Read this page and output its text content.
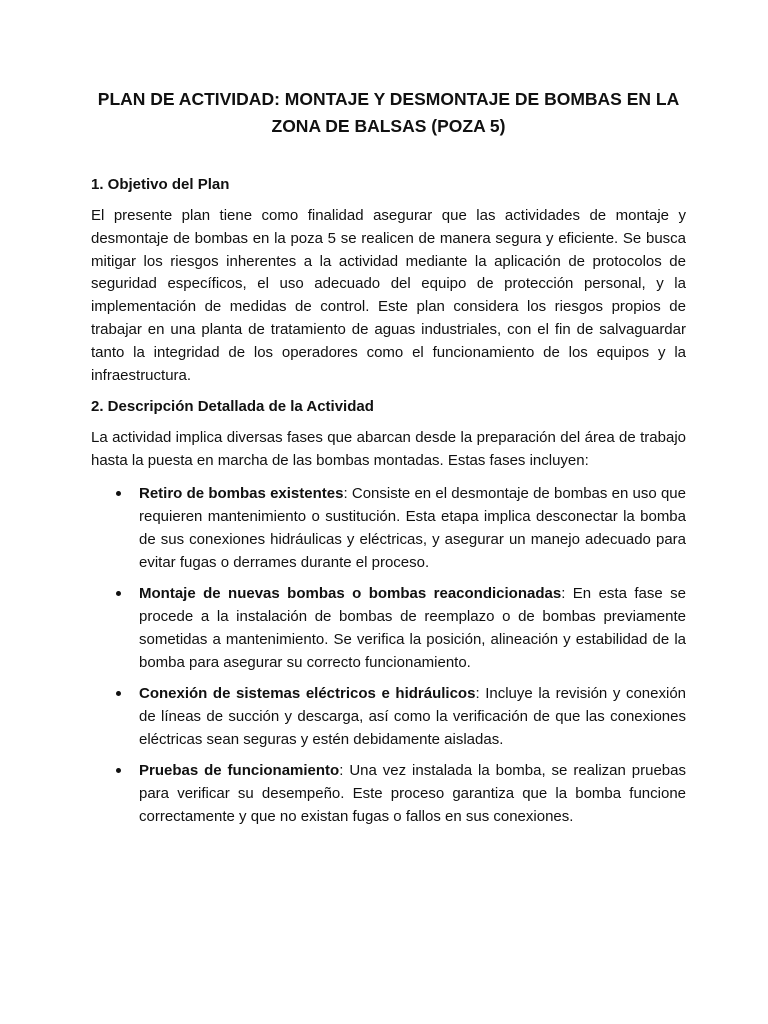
PLAN DE ACTIVIDAD: MONTAJE Y DESMONTAJE DE BOMBAS EN LA
ZONA DE BALSAS (POZA 5)
1. Objetivo del Plan

El presente plan tiene como finalidad asegurar que las actividades de montaje y desmontaje de bombas en la poza 5 se realicen de manera segura y eficiente. Se busca mitigar los riesgos inherentes a la actividad mediante la aplicación de protocolos de seguridad específicos, el uso adecuado del equipo de protección personal, y la implementación de medidas de control. Este plan considera los riesgos propios de trabajar en una planta de tratamiento de aguas industriales, con el fin de salvaguardar tanto la integridad de los operadores como el funcionamiento de los equipos y la infraestructura.

2. Descripción Detallada de la Actividad

La actividad implica diversas fases que abarcan desde la preparación del área de trabajo hasta la puesta en marcha de las bombas montadas. Estas fases incluyen:

Retiro de bombas existentes: Consiste en el desmontaje de bombas en uso que requieren mantenimiento o sustitución. Esta etapa implica desconectar la bomba de sus conexiones hidráulicas y eléctricas, y asegurar un manejo adecuado para evitar fugas o derrames durante el proceso.
Montaje de nuevas bombas o bombas reacondicionadas: En esta fase se procede a la instalación de bombas de reemplazo o de bombas previamente sometidas a mantenimiento. Se verifica la posición, alineación y estabilidad de la bomba para asegurar su correcto funcionamiento.
Conexión de sistemas eléctricos e hidráulicos: Incluye la revisión y conexión de líneas de succión y descarga, así como la verificación de que las conexiones eléctricas sean seguras y estén debidamente aisladas.
Pruebas de funcionamiento: Una vez instalada la bomba, se realizan pruebas para verificar su desempeño. Este proceso garantiza que la bomba funcione correctamente y que no existan fugas o fallos en sus conexiones.
